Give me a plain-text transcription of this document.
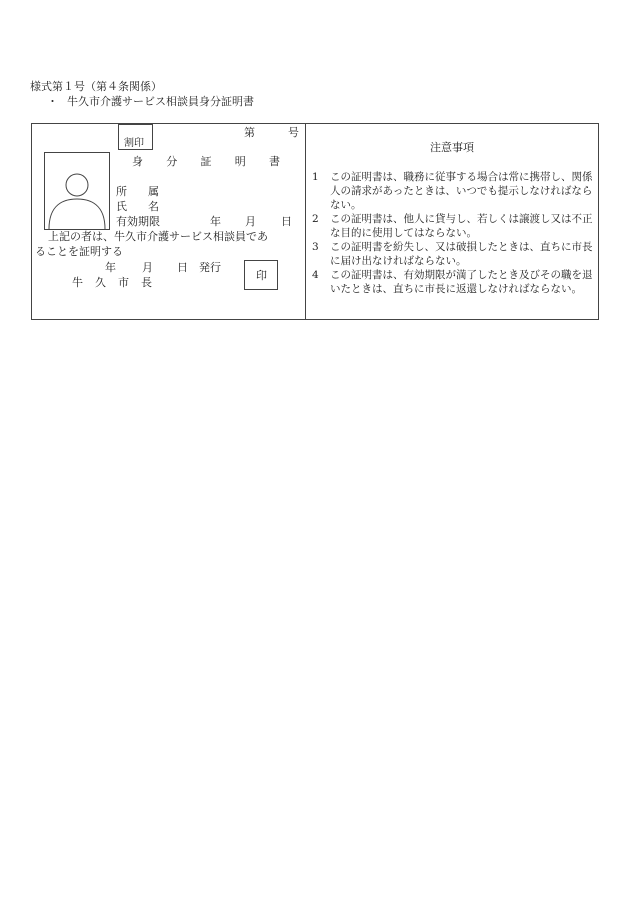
様式第１号（第４条関係）
・ 牛久市介護サービス相談員身分証明書
割印
第	号
身 分 証 明 書
所 属
氏 名
有効期限	年 月 日
上記の者は、牛久市介護サービス相談員であ
ることを証明する
年 月 日　発行
牛 久 市 長
印
注意事項
1 この証明書は、職務に従事する場合は常に携帯し、関係人の請求があったときは、いつでも提示しなければならない。
2 この証明書は、他人に貸与し、若しくは譲渡し又は不正な目的に使用してはならない。
3 この証明書を紛失し、又は破損したときは、直ちに市長に届け出なければならない。
4 この証明書は、有効期限が満了したとき及びその職を退いたときは、直ちに市長に返還しなければならない。
